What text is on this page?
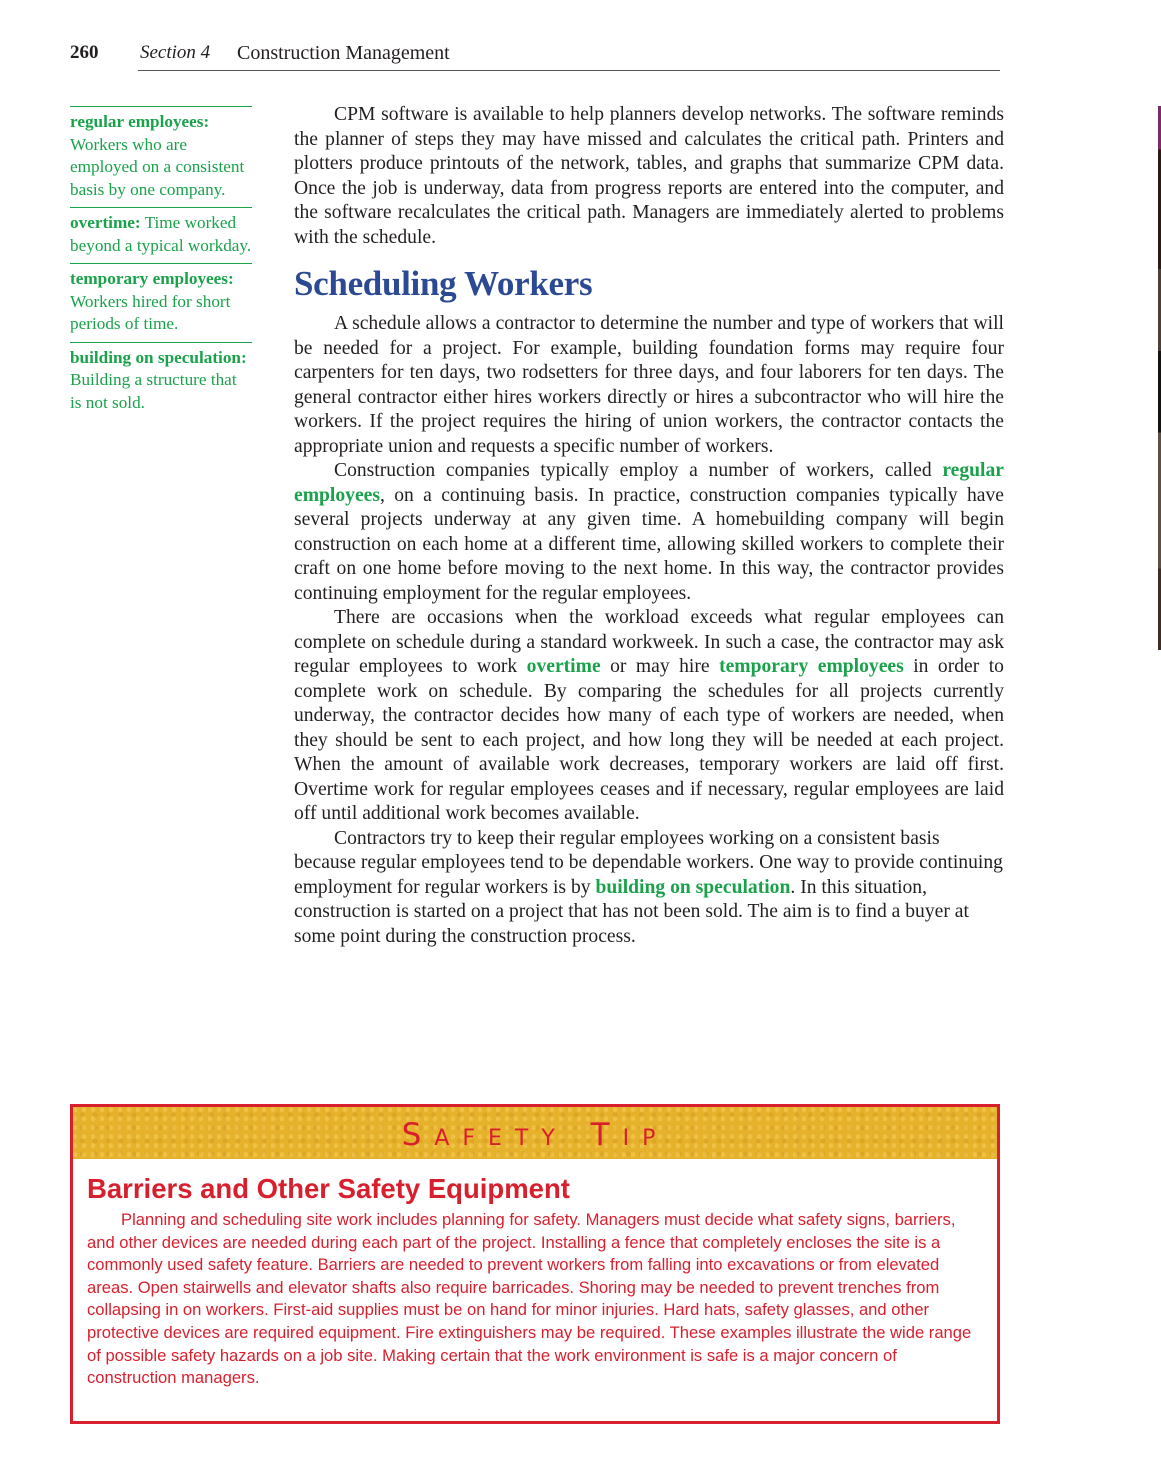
260 Section 4 Construction Management
regular employees: Workers who are employed on a consistent basis by one company.
overtime: Time worked beyond a typical workday.
temporary employees: Workers hired for short periods of time.
building on speculation: Building a structure that is not sold.

CPM software is available to help planners develop networks. The software reminds the planner of steps they may have missed and calculates the critical path. Printers and plotters produce printouts of the network, tables, and graphs that summarize CPM data. Once the job is underway, data from progress reports are entered into the computer, and the software recalculates the critical path. Managers are immediately alerted to problems with the schedule.

Scheduling Workers

A schedule allows a contractor to determine the number and type of workers that will be needed for a project. For example, building foundation forms may require four carpenters for ten days, two rodsetters for three days, and four laborers for ten days. The general contractor either hires workers directly or hires a subcontractor who will hire the workers. If the project requires the hiring of union workers, the contractor contacts the appropriate union and requests a specific number of workers.

Construction companies typically employ a number of workers, called regular employees, on a continuing basis. In practice, construction companies typically have several projects underway at any given time. A homebuilding company will begin construction on each home at a different time, allowing skilled workers to complete their craft on one home before moving to the next home. In this way, the contractor provides continuing employment for the regular employees.

There are occasions when the workload exceeds what regular employees can complete on schedule during a standard workweek. In such a case, the contractor may ask regular employees to work overtime or may hire temporary employees in order to complete work on schedule. By comparing the schedules for all projects currently underway, the contractor decides how many of each type of workers are needed, when they should be sent to each project, and how long they will be needed at each project. When the amount of available work decreases, temporary workers are laid off first. Overtime work for regular employees ceases and if necessary, regular employees are laid off until additional work becomes available.

Contractors try to keep their regular employees working on a consistent basis because regular employees tend to be dependable workers. One way to provide continuing employment for regular workers is by building on speculation. In this situation, construction is started on a project that has not been sold. The aim is to find a buyer at some point during the construction process.

Safety Tip
Barriers and Other Safety Equipment

Planning and scheduling site work includes planning for safety. Managers must decide what safety signs, barriers, and other devices are needed during each part of the project. Installing a fence that completely encloses the site is a commonly used safety feature. Barriers are needed to prevent workers from falling into excavations or from elevated areas. Open stairwells and elevator shafts also require barricades. Shoring may be needed to prevent trenches from collapsing in on workers. First-aid supplies must be on hand for minor injuries. Hard hats, safety glasses, and other protective devices are required equipment. Fire extinguishers may be required. These examples illustrate the wide range of possible safety hazards on a job site. Making certain that the work environment is safe is a major concern of construction managers.
